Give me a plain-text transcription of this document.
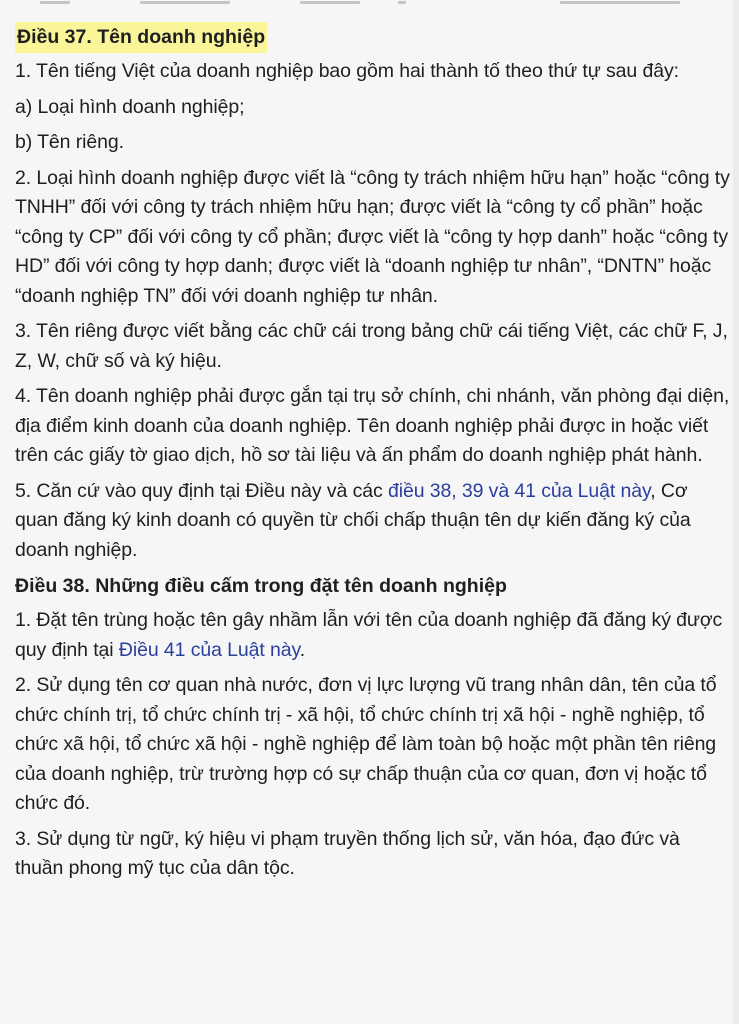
Điều 37. Tên doanh nghiệp

1. Tên tiếng Việt của doanh nghiệp bao gồm hai thành tố theo thứ tự sau đây:

a) Loại hình doanh nghiệp;

b) Tên riêng.

2. Loại hình doanh nghiệp được viết là “công ty trách nhiệm hữu hạn” hoặc “công ty TNHH” đối với công ty trách nhiệm hữu hạn; được viết là “công ty cổ phần” hoặc “công ty CP” đối với công ty cổ phần; được viết là “công ty hợp danh” hoặc “công ty HD” đối với công ty hợp danh; được viết là “doanh nghiệp tư nhân”, “DNTN” hoặc “doanh nghiệp TN” đối với doanh nghiệp tư nhân.

3. Tên riêng được viết bằng các chữ cái trong bảng chữ cái tiếng Việt, các chữ F, J, Z, W, chữ số và ký hiệu.

4. Tên doanh nghiệp phải được gắn tại trụ sở chính, chi nhánh, văn phòng đại diện, địa điểm kinh doanh của doanh nghiệp. Tên doanh nghiệp phải được in hoặc viết trên các giấy tờ giao dịch, hồ sơ tài liệu và ấn phẩm do doanh nghiệp phát hành.

5. Căn cứ vào quy định tại Điều này và các điều 38, 39 và 41 của Luật này, Cơ quan đăng ký kinh doanh có quyền từ chối chấp thuận tên dự kiến đăng ký của doanh nghiệp.

Điều 38. Những điều cấm trong đặt tên doanh nghiệp

1. Đặt tên trùng hoặc tên gây nhầm lẫn với tên của doanh nghiệp đã đăng ký được quy định tại Điều 41 của Luật này.

2. Sử dụng tên cơ quan nhà nước, đơn vị lực lượng vũ trang nhân dân, tên của tổ chức chính trị, tổ chức chính trị - xã hội, tổ chức chính trị xã hội - nghề nghiệp, tổ chức xã hội, tổ chức xã hội - nghề nghiệp để làm toàn bộ hoặc một phần tên riêng của doanh nghiệp, trừ trường hợp có sự chấp thuận của cơ quan, đơn vị hoặc tổ chức đó.

3. Sử dụng từ ngữ, ký hiệu vi phạm truyền thống lịch sử, văn hóa, đạo đức và thuần phong mỹ tục của dân tộc.
